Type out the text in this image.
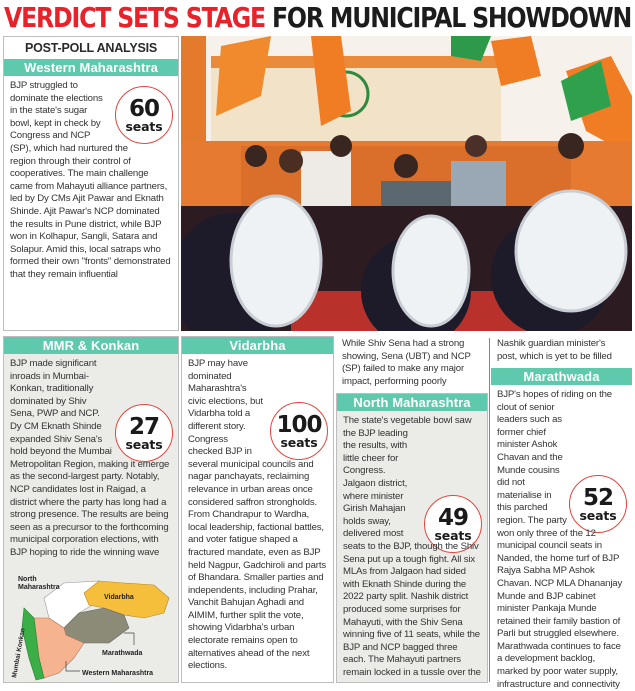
VERDICT SETS STAGE FOR MUNICIPAL SHOWDOWN
POST-POLL ANALYSIS
Western Maharashtra
60
seats
BJP struggled to dominate the elections in the state's sugar bowl, kept in check by Congress and NCP (SP), which had nurtured the region through their control of cooperatives. The main challenge came from Mahayuti alliance partners, led by Dy CMs Ajit Pawar and Eknath Shinde. Ajit Pawar's NCP dominated the results in Pune district, while BJP won in Kolhapur, Sangli, Satara and Solapur. Amid this, local satraps who formed their own "fronts" demonstrated that they remain influential
MMR & Konkan
27
seats
BJP made significant inroads in Mumbai-Konkan, traditionally dominated by Shiv Sena, PWP and NCP. Dy CM Eknath Shinde expanded Shiv Sena's hold beyond the Mumbai Metropolitan Region, making it emerge as the second-largest party. Notably, NCP candidates lost in Raigad, a district where the party has long had a strong presence. The results are being seen as a precursor to the forthcoming municipal corporation elections, with BJP hoping to ride the winning wave
North
Maharashtra
Vidarbha
Marathwada
Western Maharashtra
Mumbai Konkan
Vidarbha
100
seats
BJP may have dominated Maharashtra's civic elections, but Vidarbha told a different story. Congress checked BJP in several municipal councils and nagar panchayats, reclaiming relevance in urban areas once considered saffron strongholds. From Chandrapur to Wardha, local leadership, factional battles, and voter fatigue shaped a fractured mandate, even as BJP held Nagpur, Gadchiroli and parts of Bhandara. Smaller parties and independents, including Prahar, Vanchit Bahujan Aghadi and AIMIM, further split the vote, showing Vidarbha's urban electorate remains open to alternatives ahead of the next elections.
While Shiv Sena had a strong showing, Sena (UBT) and NCP (SP) failed to make any major impact, performing poorly
North Maharashtra
49
seats
The state's vegetable bowl saw the BJP leading the results, with little cheer for Congress. Jalgaon district, where minister Girish Mahajan holds sway, delivered most seats to the BJP, though the Shiv Sena put up a tough fight. All six MLAs from Jalgaon had sided with Eknath Shinde during the 2022 party split. Nashik district produced some surprises for Mahayuti, with the Shiv Sena winning five of 11 seats, while the BJP and NCP bagged three each. The Mahayuti partners remain locked in a tussle over the
Nashik guardian minister's post, which is yet to be filled
Marathwada
52
seats
BJP's hopes of riding on the clout of senior leaders such as former chief minister Ashok Chavan and the Munde cousins did not materialise in this parched region. The party won only three of the 12 municipal council seats in Nanded, the home turf of BJP Rajya Sabha MP Ashok Chavan. NCP MLA Dhananjay Munde and BJP cabinet minister Pankaja Munde retained their family bastion of Parli but struggled elsewhere. Marathwada continues to face a development backlog, marked by poor water supply, infrastructure and connectivity
